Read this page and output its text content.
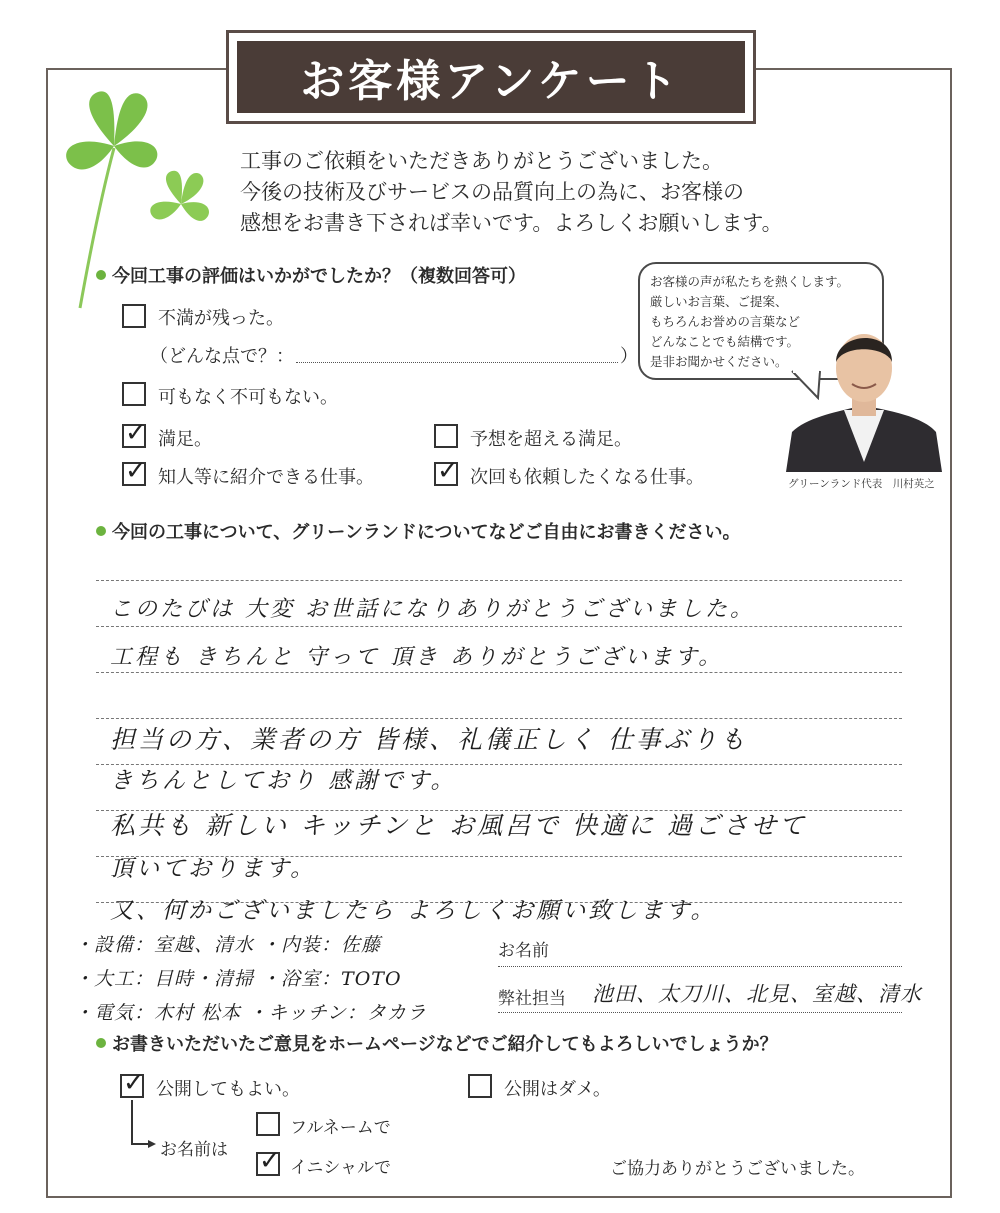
お客様アンケート
工事のご依頼をいただきありがとうございました。
今後の技術及びサービスの品質向上の為に、お客様の
感想をお書き下されば幸いです。よろしくお願いします。
今回工事の評価はいかがでしたか？（複数回答可）
不満が残った。
（どんな点で？：	）
可もなく不可もない。
✓ 満足。	予想を超える満足。
✓ 知人等に紹介できる仕事。 ✓ 次回も依頼したくなる仕事。
お客様の声が私たちを熱くします。
厳しいお言葉、ご提案、
もちろんお誉めの言葉など
どんなことでも結構です。
是非お聞かせください。
グリーンランド代表　川村英之
今回の工事について、グリーンランドについてなどご自由にお書きください。
このたびは 大変 お世話になりありがとうございました。
工程も きちんと 守って 頂き ありがとうございます。
担当の方、業者の方 皆様、礼儀正しく 仕事ぶりも
きちんとしており 感謝です。
私共も 新しい キッチンと お風呂で 快適に 過ごさせて
頂いております。
又、何かございましたら よろしくお願い致します。
・設備：室越、清水 ・内装：佐藤
・大工：目時・清掃 ・浴室：TOTO
・電気：木村 松本 ・キッチン：タカラ
お名前
弊社担当 池田、太刀川、北見、室越、清水
お書きいただいたご意見をホームページなどでご紹介してもよろしいでしょうか？
✓ 公開してもよい。	公開はダメ。
お名前は
フルネームで
✓ イニシャルで	ご協力ありがとうございました。
